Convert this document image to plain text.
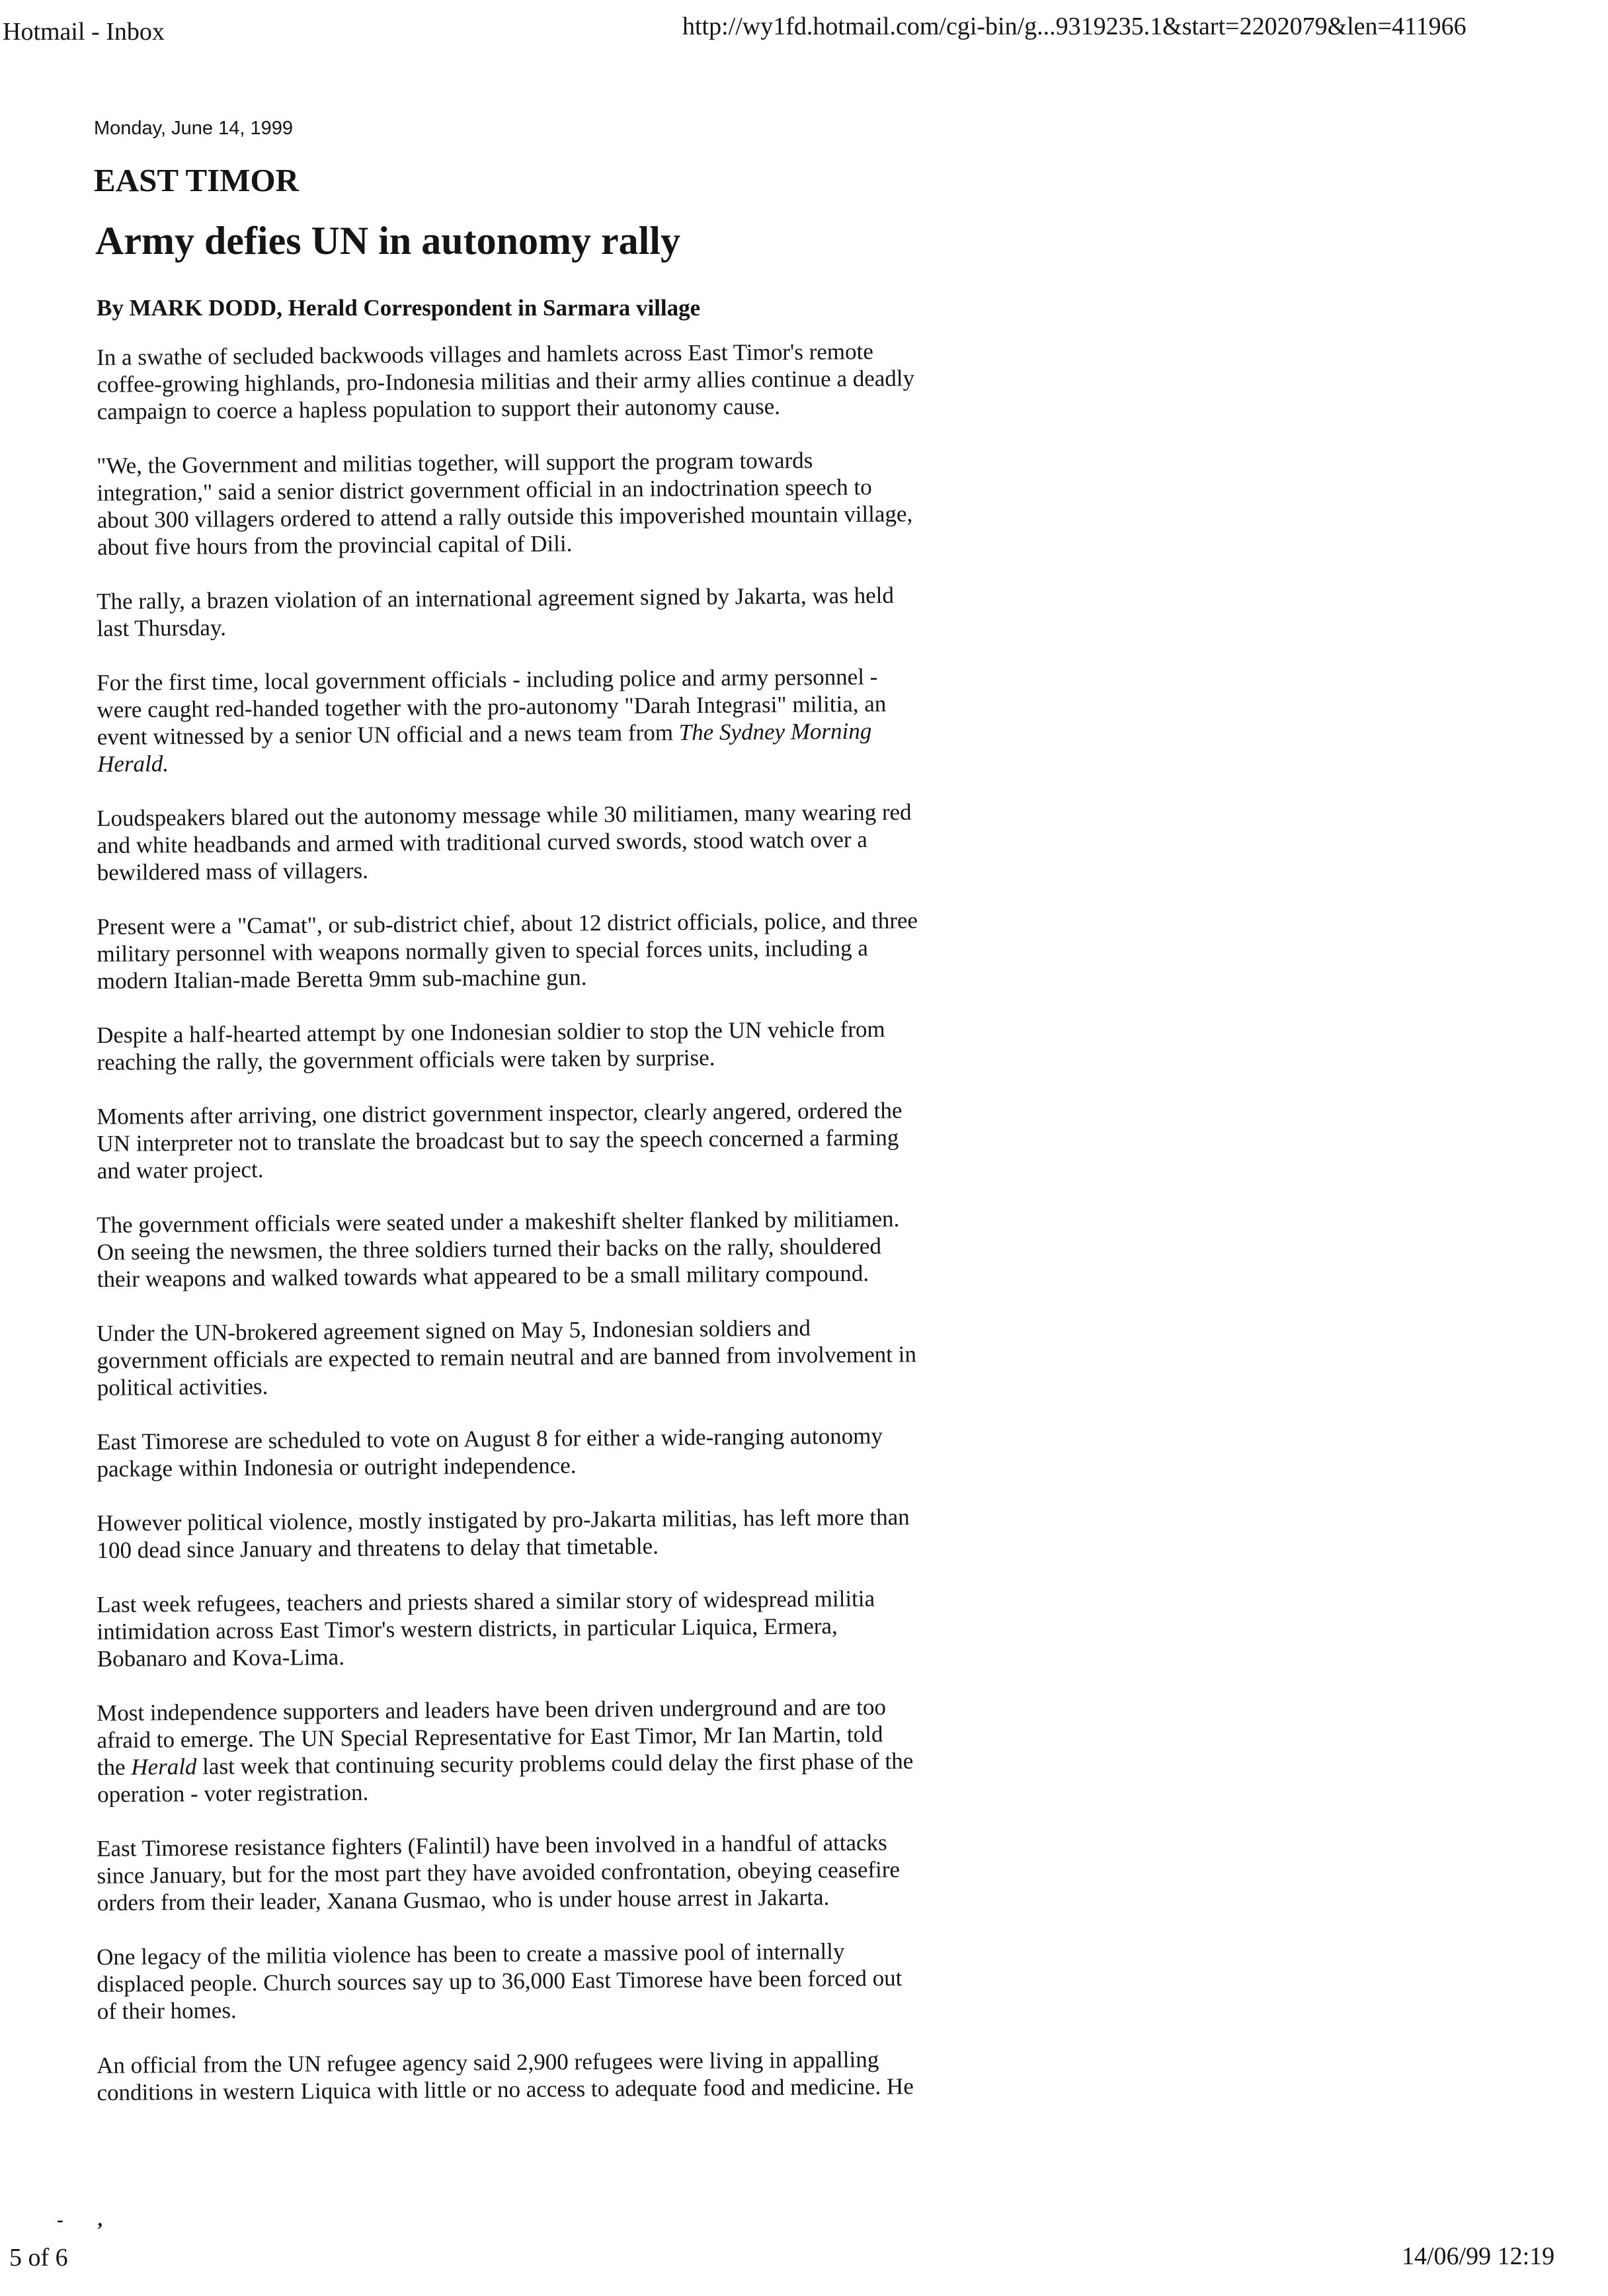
Hotmail - Inbox	http://wy1fd.hotmail.com/cgi-bin/g...9319235.1&start=2202079&len=411966
Monday, June 14, 1999
EAST TIMOR
Army defies UN in autonomy rally
By MARK DODD, Herald Correspondent in Sarmara village

In a swathe of secluded backwoods villages and hamlets across East Timor's remote
coffee-growing highlands, pro-Indonesia militias and their army allies continue a deadly
campaign to coerce a hapless population to support their autonomy cause.

"We, the Government and militias together, will support the program towards
integration," said a senior district government official in an indoctrination speech to
about 300 villagers ordered to attend a rally outside this impoverished mountain village,
about five hours from the provincial capital of Dili.

The rally, a brazen violation of an international agreement signed by Jakarta, was held
last Thursday.

For the first time, local government officials - including police and army personnel -
were caught red-handed together with the pro-autonomy "Darah Integrasi" militia, an
event witnessed by a senior UN official and a news team from The Sydney Morning
Herald.

Loudspeakers blared out the autonomy message while 30 militiamen, many wearing red
and white headbands and armed with traditional curved swords, stood watch over a
bewildered mass of villagers.

Present were a "Camat", or sub-district chief, about 12 district officials, police, and three
military personnel with weapons normally given to special forces units, including a
modern Italian-made Beretta 9mm sub-machine gun.

Despite a half-hearted attempt by one Indonesian soldier to stop the UN vehicle from
reaching the rally, the government officials were taken by surprise.

Moments after arriving, one district government inspector, clearly angered, ordered the
UN interpreter not to translate the broadcast but to say the speech concerned a farming
and water project.

The government officials were seated under a makeshift shelter flanked by militiamen.
On seeing the newsmen, the three soldiers turned their backs on the rally, shouldered
their weapons and walked towards what appeared to be a small military compound.

Under the UN-brokered agreement signed on May 5, Indonesian soldiers and
government officials are expected to remain neutral and are banned from involvement in
political activities.

East Timorese are scheduled to vote on August 8 for either a wide-ranging autonomy
package within Indonesia or outright independence.

However political violence, mostly instigated by pro-Jakarta militias, has left more than
100 dead since January and threatens to delay that timetable.

Last week refugees, teachers and priests shared a similar story of widespread militia
intimidation across East Timor's western districts, in particular Liquica, Ermera,
Bobanaro and Kova-Lima.

Most independence supporters and leaders have been driven underground and are too
afraid to emerge. The UN Special Representative for East Timor, Mr Ian Martin, told
the Herald last week that continuing security problems could delay the first phase of the
operation - voter registration.

East Timorese resistance fighters (Falintil) have been involved in a handful of attacks
since January, but for the most part they have avoided confrontation, obeying ceasefire
orders from their leader, Xanana Gusmao, who is under house arrest in Jakarta.

One legacy of the militia violence has been to create a massive pool of internally
displaced people. Church sources say up to 36,000 East Timorese have been forced out
of their homes.

An official from the UN refugee agency said 2,900 refugees were living in appalling
conditions in western Liquica with little or no access to adequate food and medicine. He

- ,
5 of 6	14/06/99 12:19
